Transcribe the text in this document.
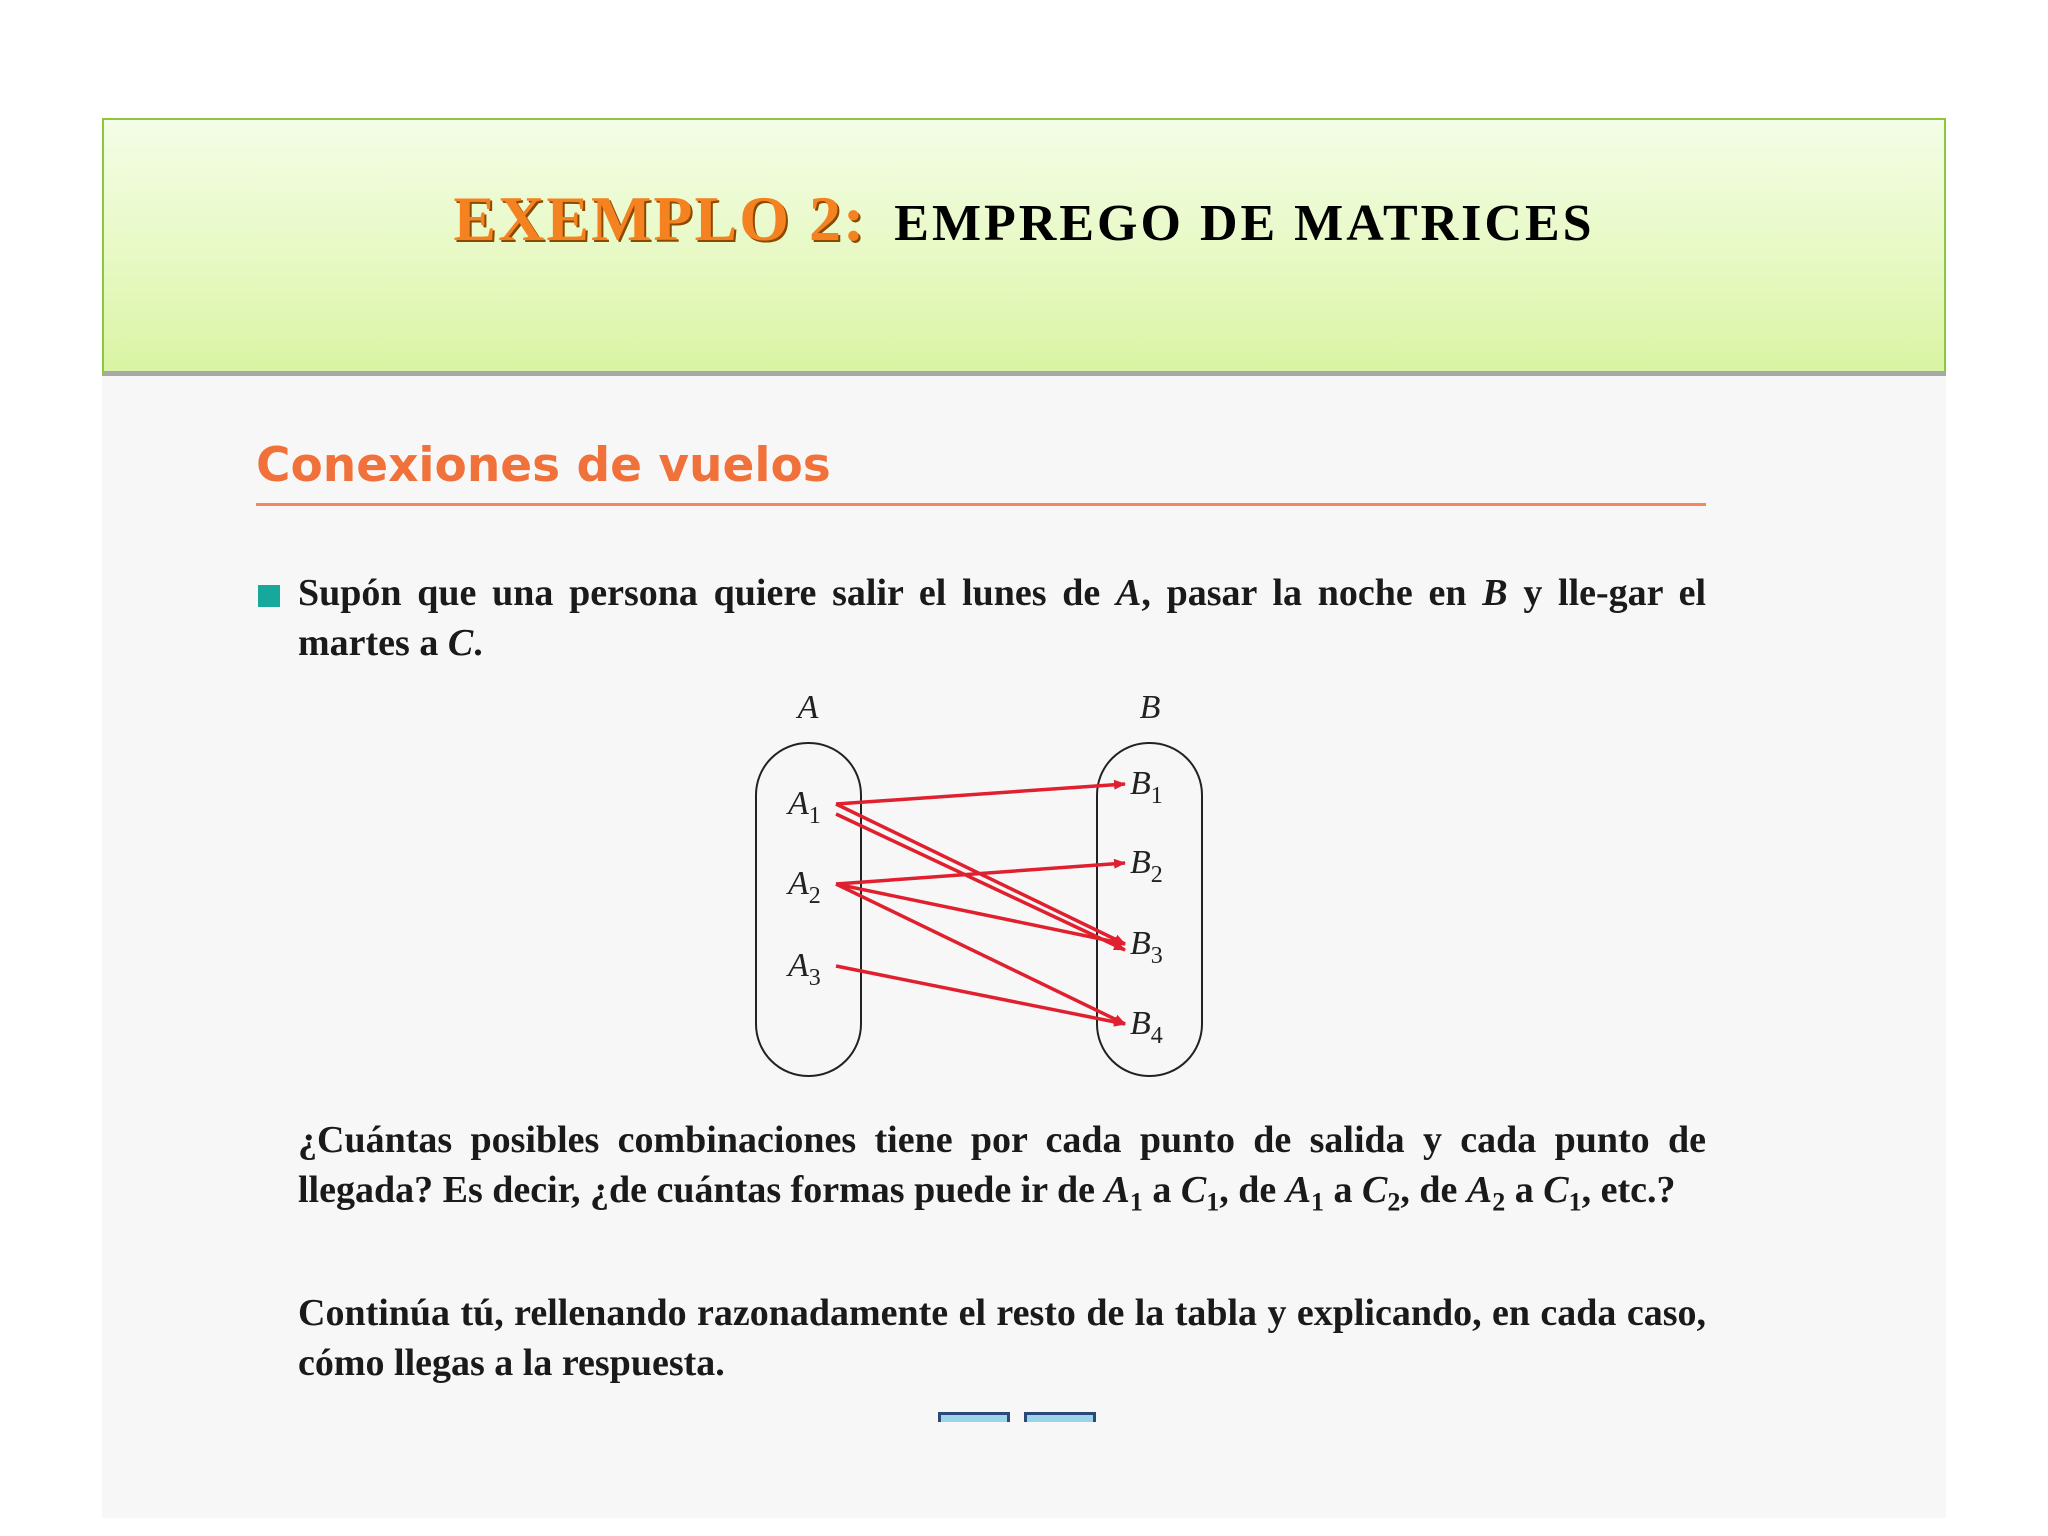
EXEMPLO 2: EMPREGO DE MATRICES
Conexiones de vuelos

Supón que una persona quiere salir el lunes de A, pasar la noche en B y lle-gar el martes a C.

A	B
$A_1$
$A_2$
$A_3$
$B_1$
$B_2$
$B_3$
$B_4$

¿Cuántas posibles combinaciones tiene por cada punto de salida y cada punto de llegada? Es decir, ¿de cuántas formas puede ir de $A_1$ a $C_1$, de $A_1$ a $C_2$, de $A_2$ a $C_1$, etc.?

Continúa tú, rellenando razonadamente el resto de la tabla y explicando, en cada caso, cómo llegas a la respuesta.
